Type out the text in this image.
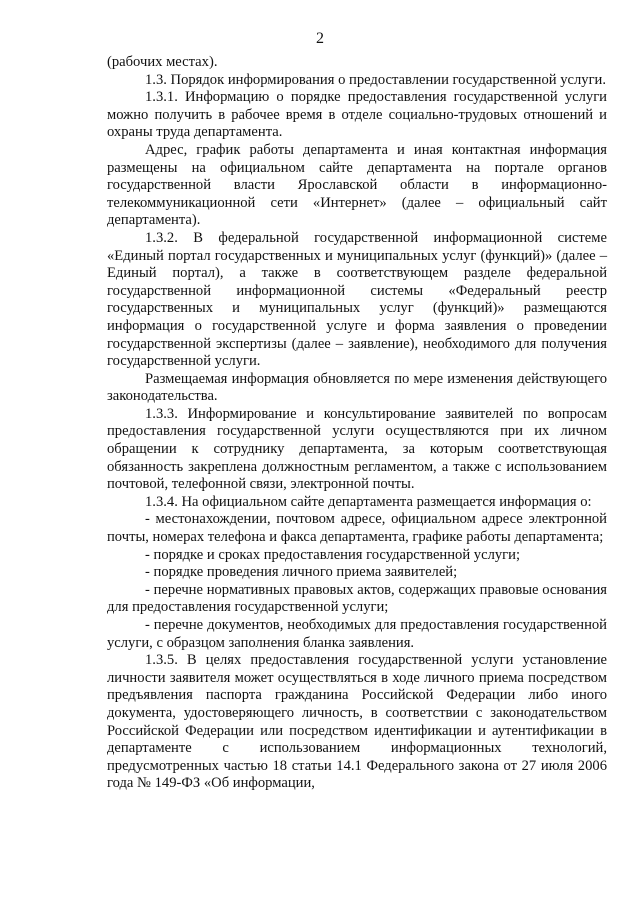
2

(рабочих местах).

1.3. Порядок информирования о предоставлении государственной услуги.

1.3.1. Информацию о порядке предоставления государственной услуги можно получить в рабочее время в отделе социально-трудовых отношений и охраны труда департамента.

Адрес, график работы департамента и иная контактная информация размещены на официальном сайте департамента на портале органов государственной власти Ярославской области в информационно-телекоммуникационной сети «Интернет» (далее – официальный сайт департамента).

1.3.2. В федеральной государственной информационной системе «Единый портал государственных и муниципальных услуг (функций)» (далее – Единый портал), а также в соответствующем разделе федеральной государственной информационной системы «Федеральный реестр государственных и муниципальных услуг (функций)» размещаются информация о государственной услуге и форма заявления о проведении государственной экспертизы (далее – заявление), необходимого для получения государственной услуги.

Размещаемая информация обновляется по мере изменения действующего законодательства.

1.3.3. Информирование и консультирование заявителей по вопросам предоставления государственной услуги осуществляются при их личном обращении к сотруднику департамента, за которым соответствующая обязанность закреплена должностным регламентом, а также с использованием почтовой, телефонной связи, электронной почты.

1.3.4. На официальном сайте департамента размещается информация о:

- местонахождении, почтовом адресе, официальном адресе электронной почты, номерах телефона и факса департамента, графике работы департамента;

- порядке и сроках предоставления государственной услуги;

- порядке проведения личного приема заявителей;

- перечне нормативных правовых актов, содержащих правовые основания для предоставления государственной услуги;

- перечне документов, необходимых для предоставления государственной услуги, с образцом заполнения бланка заявления.

1.3.5. В целях предоставления государственной услуги установление личности заявителя может осуществляться в ходе личного приема посредством предъявления паспорта гражданина Российской Федерации либо иного документа, удостоверяющего личность, в соответствии с законодательством Российской Федерации или посредством идентификации и аутентификации в департаменте с использованием информационных технологий, предусмотренных частью 18 статьи 14.1 Федерального закона от 27 июля 2006 года № 149-ФЗ «Об информации,
